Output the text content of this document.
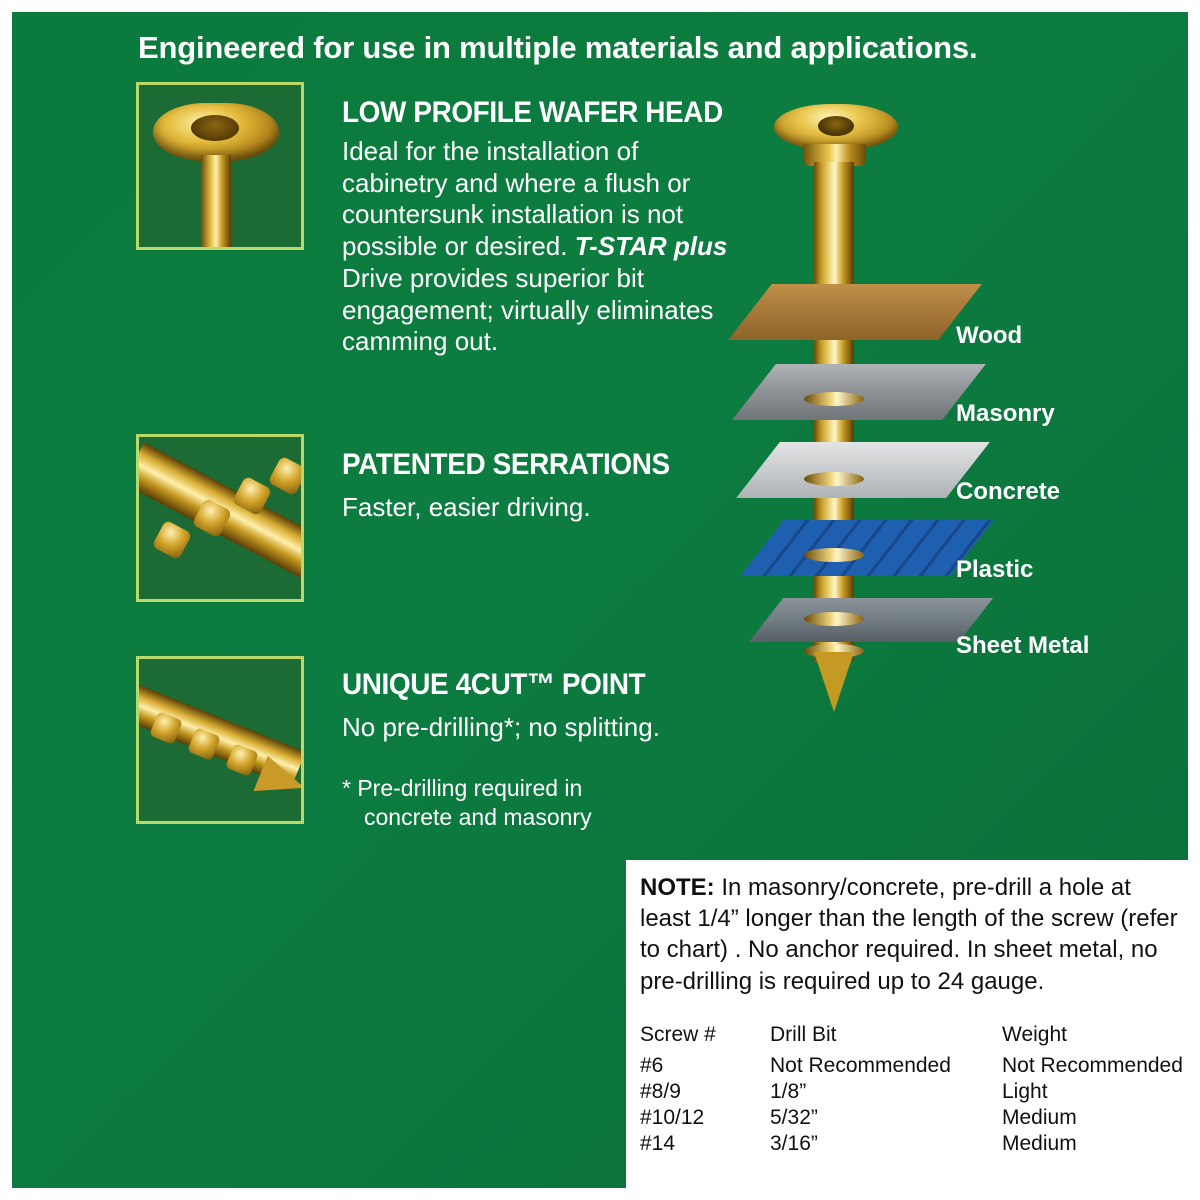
Engineered for use in multiple materials and applications.
LOW PROFILE WAFER HEAD
Ideal for the installation of cabinetry and where a flush or countersunk installation is not possible or desired. T-STAR plus Drive provides superior bit engagement; virtually eliminates camming out.
PATENTED SERRATIONS
Faster, easier driving.
UNIQUE 4CUT™ POINT
No pre-drilling*; no splitting.
* Pre-drilling required in
concrete and masonry
Wood
Masonry
Concrete
Plastic
Sheet Metal
NOTE: In masonry/concrete, pre-drill a hole at least 1/4” longer than the length of the screw (refer to chart) . No anchor required. In sheet metal, no pre-drilling is required up to 24 gauge.
Screw #	Drill Bit	Weight
#6	Not Recommended	Not Recommended
#8/9	1/8”	Light
#10/12	5/32”	Medium
#14	3/16”	Medium
